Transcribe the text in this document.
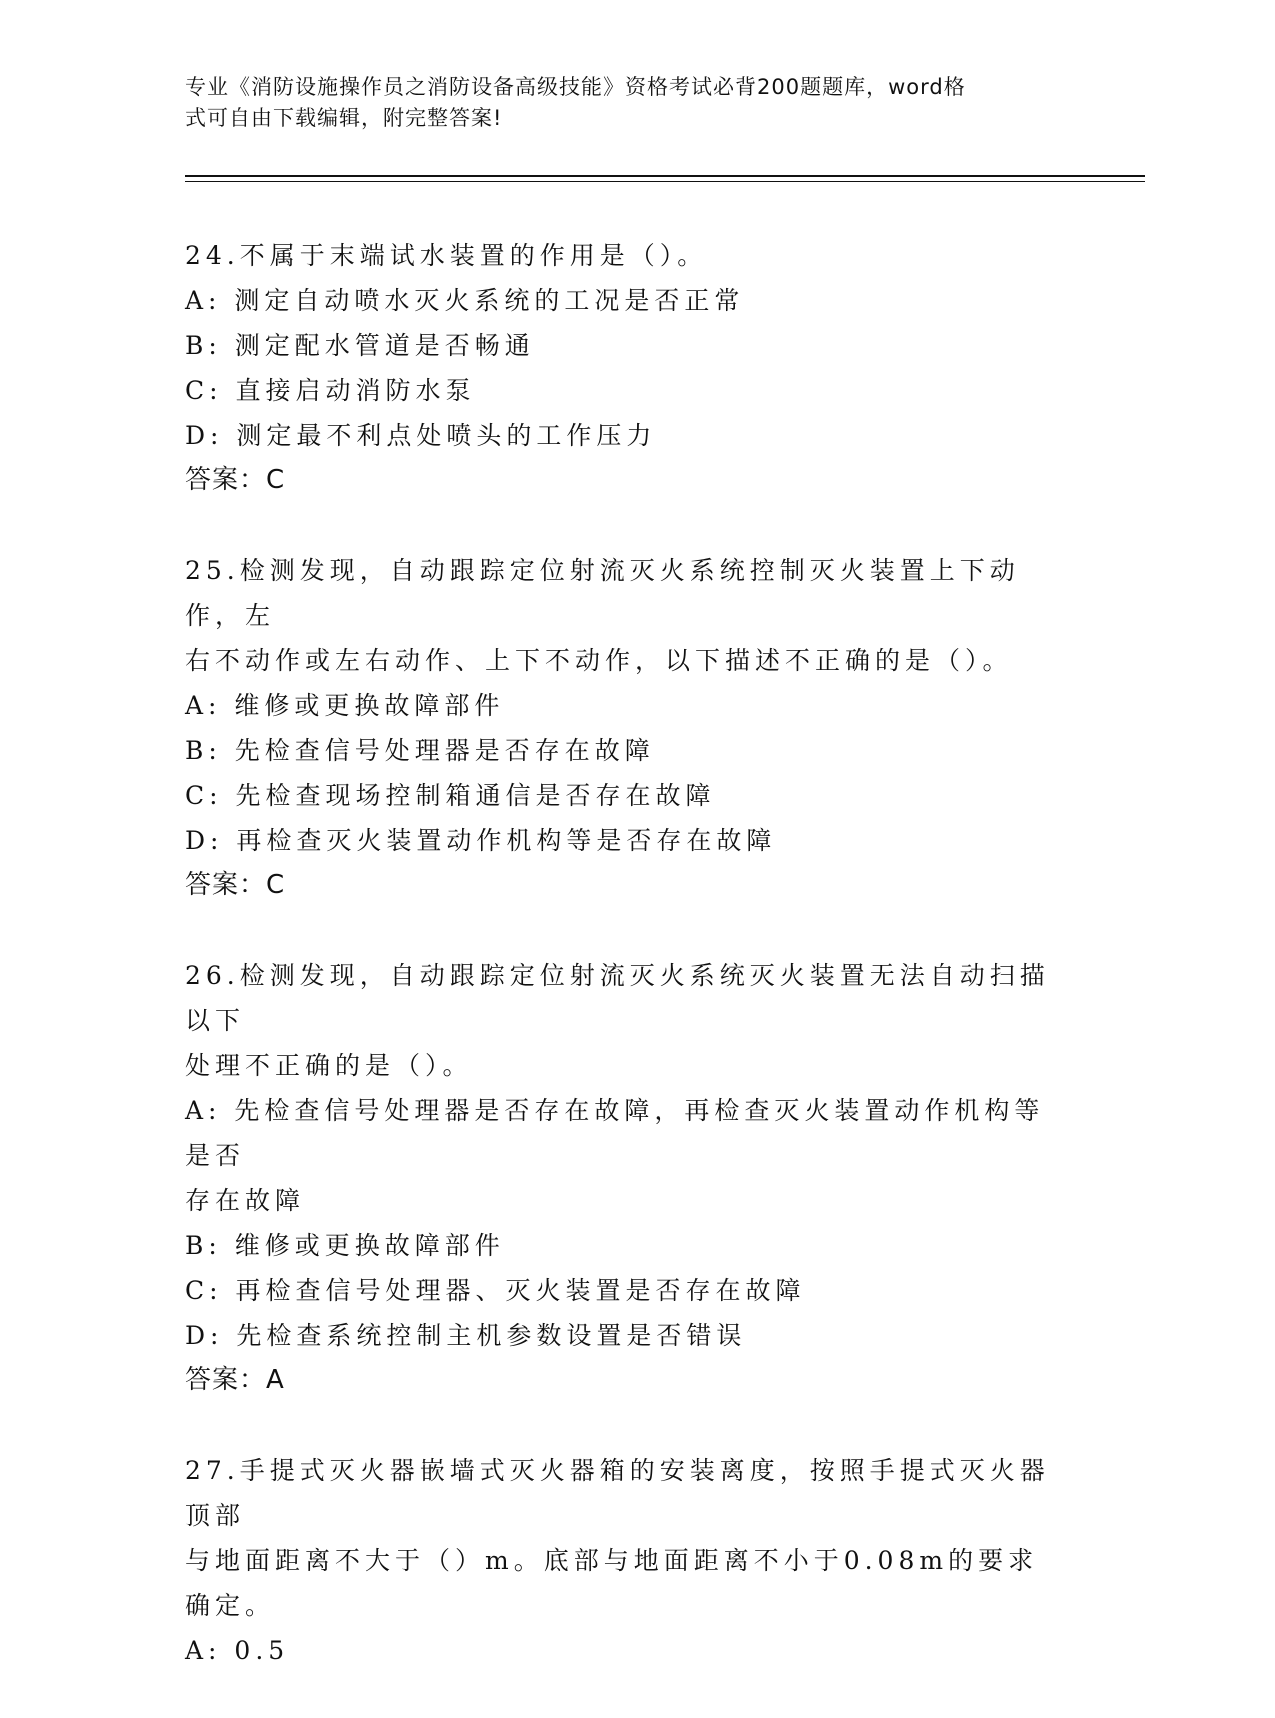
专业《消防设施操作员之消防设备高级技能》资格考试必背200题题库，word格
式可自由下载编辑，附完整答案!
24.不属于末端试水装置的作用是（）。
A: 测定自动喷水灭火系统的工况是否正常
B: 测定配水管道是否畅通
C: 直接启动消防水泵
D: 测定最不利点处喷头的工作压力
答案：C
25.检测发现，自动跟踪定位射流灭火系统控制灭火装置上下动作，左
右不动作或左右动作、上下不动作，以下描述不正确的是（）。
A: 维修或更换故障部件
B: 先检查信号处理器是否存在故障
C: 先检查现场控制箱通信是否存在故障
D: 再检查灭火装置动作机构等是否存在故障
答案：C
26.检测发现，自动跟踪定位射流灭火系统灭火装置无法自动扫描以下
处理不正确的是（）。
A: 先检查信号处理器是否存在故障，再检查灭火装置动作机构等是否
存在故障
B: 维修或更换故障部件
C: 再检查信号处理器、灭火装置是否存在故障
D: 先检查系统控制主机参数设置是否错误
答案：A
27.手提式灭火器嵌墙式灭火器箱的安装离度，按照手提式灭火器顶部
与地面距离不大于（）m。底部与地面距离不小于0.08m的要求确定。
A: 0.5
